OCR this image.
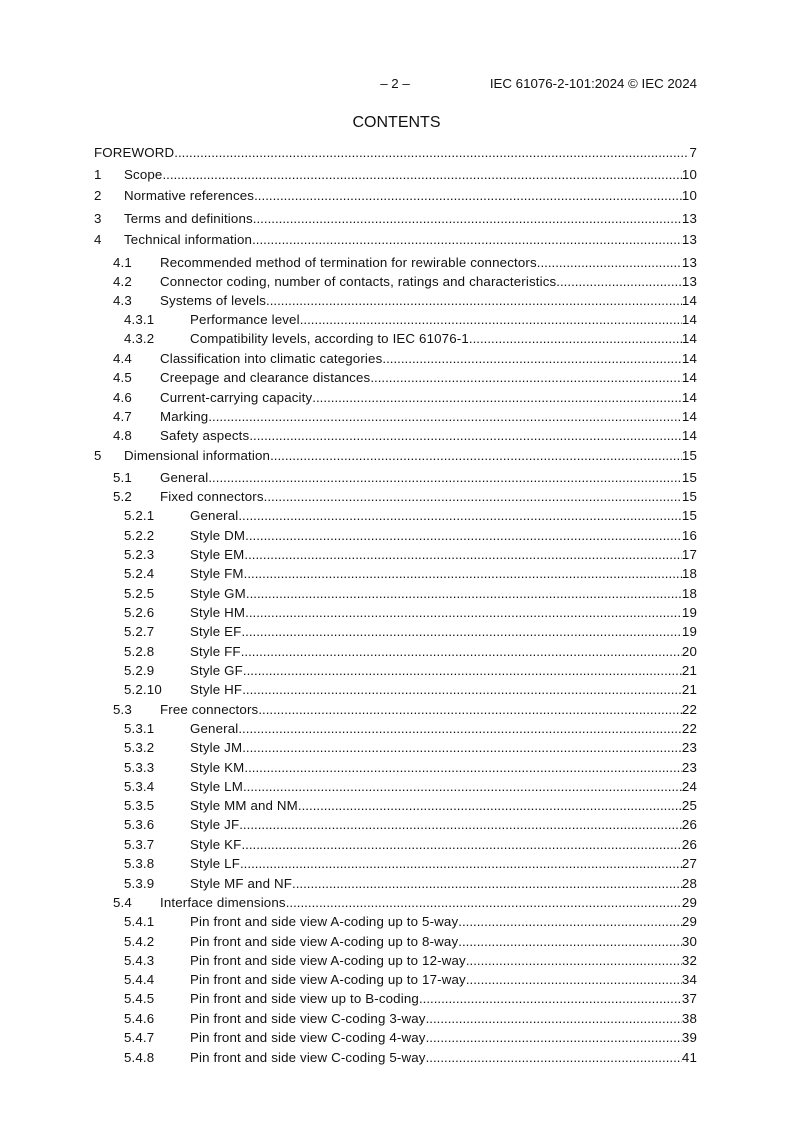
– 2 –	IEC 61076-2-101:2024 © IEC 2024
CONTENTS
FOREWORD .....	7
1	Scope .....	10
2	Normative references .....	10
3	Terms and definitions .....	13
4	Technical information .....	13
4.1	Recommended method of termination for rewirable connectors .....	13
4.2	Connector coding, number of contacts, ratings and characteristics .....	13
4.3	Systems of levels .....	14
4.3.1	Performance level .....	14
4.3.2	Compatibility levels, according to IEC 61076-1 .....	14
4.4	Classification into climatic categories .....	14
4.5	Creepage and clearance distances .....	14
4.6	Current-carrying capacity .....	14
4.7	Marking .....	14
4.8	Safety aspects .....	14
5	Dimensional information .....	15
5.1	General .....	15
5.2	Fixed connectors .....	15
5.2.1	General .....	15
5.2.2	Style DM .....	16
5.2.3	Style EM .....	17
5.2.4	Style FM .....	18
5.2.5	Style GM .....	18
5.2.6	Style HM .....	19
5.2.7	Style EF .....	19
5.2.8	Style FF .....	20
5.2.9	Style GF .....	21
5.2.10	Style HF .....	21
5.3	Free connectors .....	22
5.3.1	General .....	22
5.3.2	Style JM .....	23
5.3.3	Style KM .....	23
5.3.4	Style LM .....	24
5.3.5	Style MM and NM .....	25
5.3.6	Style JF .....	26
5.3.7	Style KF .....	26
5.3.8	Style LF .....	27
5.3.9	Style MF and NF .....	28
5.4	Interface dimensions .....	29
5.4.1	Pin front and side view A-coding up to 5-way .....	29
5.4.2	Pin front and side view A-coding up to 8-way .....	30
5.4.3	Pin front and side view A-coding up to 12-way .....	32
5.4.4	Pin front and side view A-coding up to 17-way .....	34
5.4.5	Pin front and side view up to B-coding .....	37
5.4.6	Pin front and side view C-coding 3-way .....	38
5.4.7	Pin front and side view C-coding 4-way .....	39
5.4.8	Pin front and side view C-coding 5-way .....	41
